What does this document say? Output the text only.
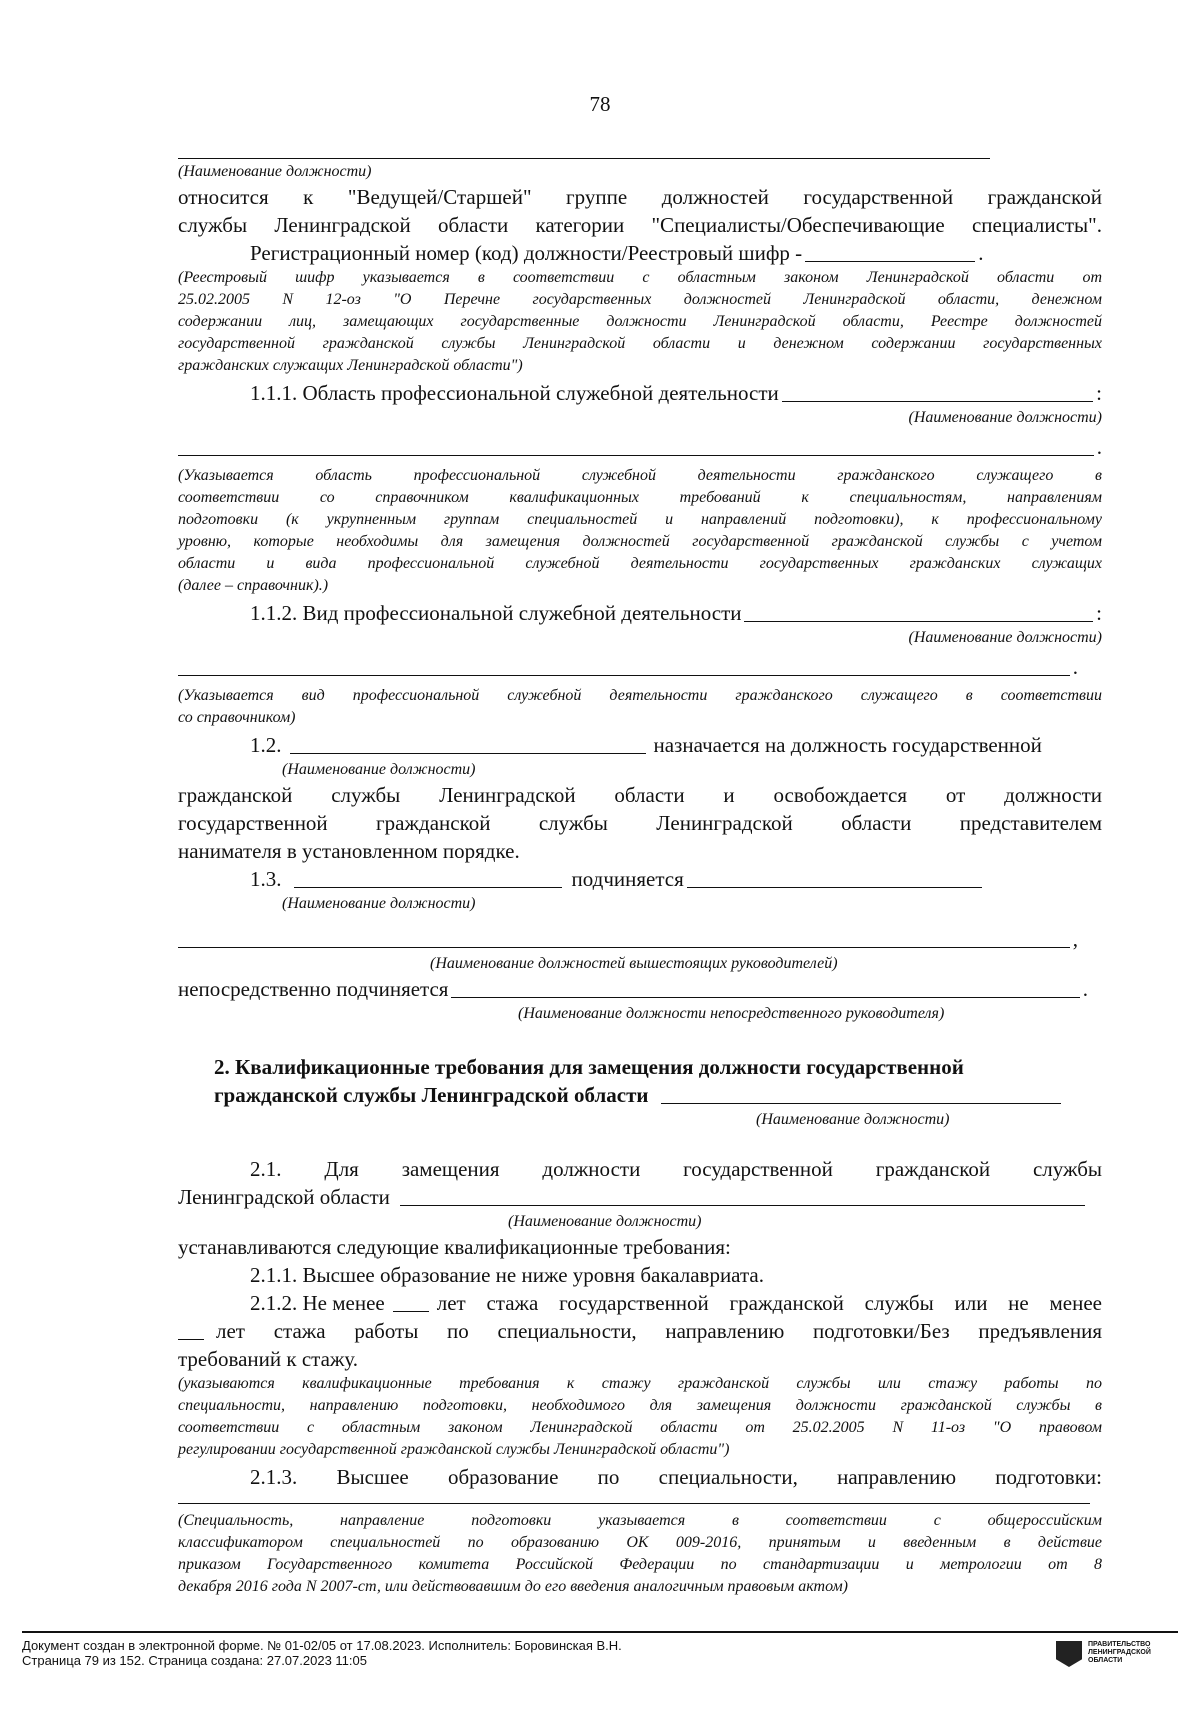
78
(Наименование должности)
относится к "Ведущей/Старшей" группе должностей государственной гражданской
службы Ленинградской области категории "Специалисты/Обеспечивающие специалисты".
Регистрационный номер (код) должности/Реестровый шифр -	.
(Реестровый шифр указывается в соответствии с областным законом Ленинградской области от
25.02.2005 N 12-оз "О Перечне государственных должностей Ленинградской области, денежном
содержании лиц, замещающих государственные должности Ленинградской области, Реестре должностей
государственной гражданской службы Ленинградской области и денежном содержании государственных
гражданских служащих Ленинградской области")
1.1.1. Область профессиональной служебной деятельности	:
(Наименование должности)
.
(Указывается область профессиональной служебной деятельности гражданского служащего в
соответствии со справочником квалификационных требований к специальностям, направлениям
подготовки (к укрупненным группам специальностей и направлений подготовки), к профессиональному
уровню, которые необходимы для замещения должностей государственной гражданской службы с учетом
области и вида профессиональной служебной деятельности государственных гражданских служащих
(далее – справочник).)
1.1.2. Вид профессиональной служебной деятельности	:
(Наименование должности)
.
(Указывается вид профессиональной служебной деятельности гражданского служащего в соответствии
со справочником)
1.2.	назначается на должность государственной
(Наименование должности)
гражданской службы Ленинградской области и освобождается от должности
государственной гражданской службы Ленинградской области представителем
нанимателя в установленном порядке.
1.3.	подчиняется
(Наименование должности)
,
(Наименование должностей вышестоящих руководителей)
непосредственно подчиняется	.
(Наименование должности непосредственного руководителя)
2. Квалификационные требования для замещения должности государственной
гражданской службы Ленинградской области
(Наименование должности)
2.1. Для замещения должности государственной гражданской службы
Ленинградской области
(Наименование должности)
устанавливаются следующие квалификационные требования:
2.1.1. Высшее образование не ниже уровня бакалавриата.
2.1.2. Не менее лет стажа государственной гражданской службы или не менее
лет стажа работы по специальности, направлению подготовки/Без предъявления
требований к стажу.
(указываются квалификационные требования к стажу гражданской службы или стажу работы по
специальности, направлению подготовки, необходимого для замещения должности гражданской службы в
соответствии с областным законом Ленинградской области от 25.02.2005 N 11-оз "О правовом
регулировании государственной гражданской службы Ленинградской области")
2.1.3. Высшее образование по специальности, направлению подготовки:
(Специальность, направление подготовки указывается в соответствии с общероссийским
классификатором специальностей по образованию ОК 009-2016, принятым и введенным в действие
приказом Государственного комитета Российской Федерации по стандартизации и метрологии от 8
декабря 2016 года N 2007-ст, или действовавшим до его введения аналогичным правовым актом)
Документ создан в электронной форме. № 01-02/05 от 17.08.2023. Исполнитель: Боровинская В.Н.
Страница 79 из 152. Страница создана: 27.07.2023 11:05
ПРАВИТЕЛЬСТВО
ЛЕНИНГРАДСКОЙ
ОБЛАСТИ
